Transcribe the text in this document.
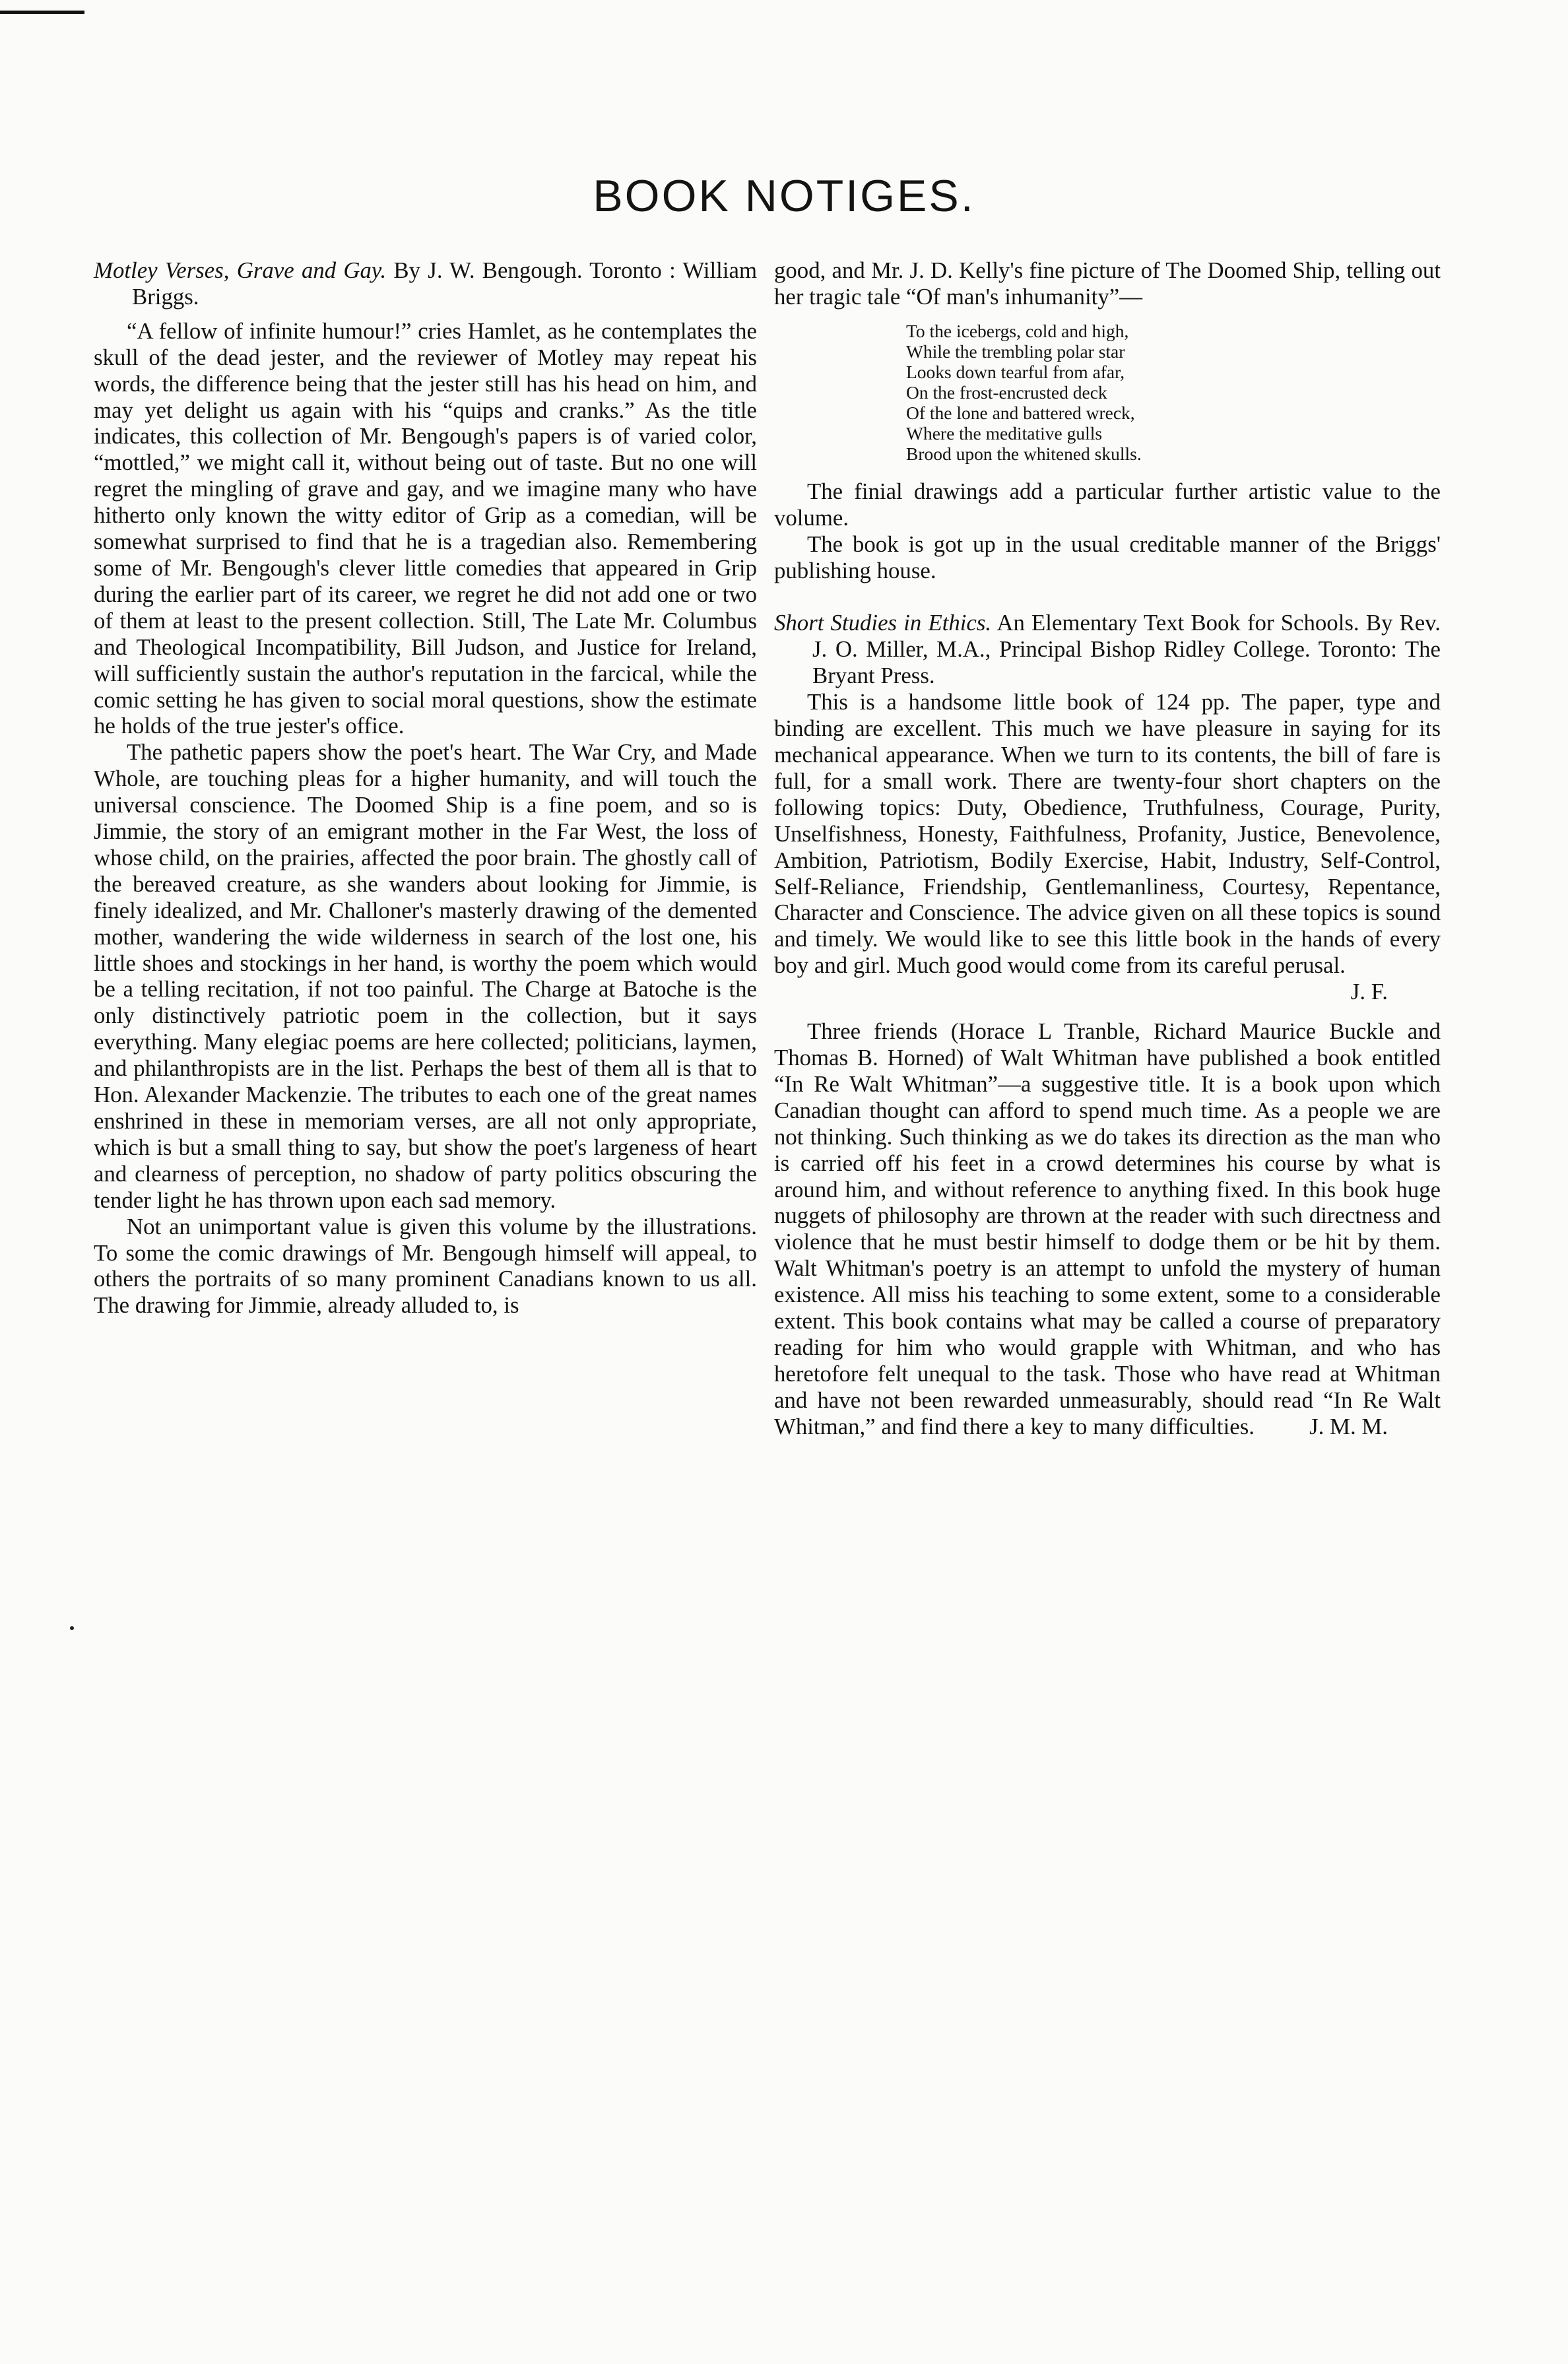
BOOK NOTIGES.

Motley Verses, Grave and Gay. By J. W. Bengough. Toronto : William Briggs.

“A fellow of infinite humour!” cries Hamlet, as he contemplates the skull of the dead jester, and the reviewer of Motley may repeat his words, the difference being that the jester still has his head on him, and may yet delight us again with his “quips and cranks.” As the title indicates, this collection of Mr. Bengough's papers is of varied color, “mottled,” we might call it, without being out of taste. But no one will regret the mingling of grave and gay, and we imagine many who have hitherto only known the witty editor of Grip as a comedian, will be somewhat surprised to find that he is a tragedian also. Remembering some of Mr. Bengough's clever little comedies that appeared in Grip during the earlier part of its career, we regret he did not add one or two of them at least to the present collection. Still, The Late Mr. Columbus and Theological Incompatibility, Bill Judson, and Justice for Ireland, will sufficiently sustain the author's reputation in the farcical, while the comic setting he has given to social moral questions, show the estimate he holds of the true jester's office.

The pathetic papers show the poet's heart. The War Cry, and Made Whole, are touching pleas for a higher humanity, and will touch the universal conscience. The Doomed Ship is a fine poem, and so is Jimmie, the story of an emigrant mother in the Far West, the loss of whose child, on the prairies, affected the poor brain. The ghostly call of the bereaved creature, as she wanders about looking for Jimmie, is finely idealized, and Mr. Challoner's masterly drawing of the demented mother, wandering the wide wilderness in search of the lost one, his little shoes and stockings in her hand, is worthy the poem which would be a telling recitation, if not too painful. The Charge at Batoche is the only distinctively patriotic poem in the collection, but it says everything. Many elegiac poems are here collected; politicians, laymen, and philanthropists are in the list. Perhaps the best of them all is that to Hon. Alexander Mackenzie. The tributes to each one of the great names enshrined in these in memoriam verses, are all not only appropriate, which is but a small thing to say, but show the poet's largeness of heart and clearness of perception, no shadow of party politics obscuring the tender light he has thrown upon each sad memory.

Not an unimportant value is given this volume by the illustrations. To some the comic drawings of Mr. Bengough himself will appeal, to others the portraits of so many prominent Canadians known to us all. The drawing for Jimmie, already alluded to, is

good, and Mr. J. D. Kelly's fine picture of The Doomed Ship, telling out her tragic tale “Of man's inhumanity”—

To the icebergs, cold and high,
While the trembling polar star
Looks down tearful from afar,
On the frost-encrusted deck
Of the lone and battered wreck,
Where the meditative gulls
Brood upon the whitened skulls.

The finial drawings add a particular further artistic value to the volume.

The book is got up in the usual creditable manner of the Briggs' publishing house.

Short Studies in Ethics. An Elementary Text Book for Schools. By Rev. J. O. Miller, M.A., Principal Bishop Ridley College. Toronto: The Bryant Press.

This is a handsome little book of 124 pp. The paper, type and binding are excellent. This much we have pleasure in saying for its mechanical appearance. When we turn to its contents, the bill of fare is full, for a small work. There are twenty-four short chapters on the following topics: Duty, Obedience, Truthfulness, Courage, Purity, Unselfishness, Honesty, Faithfulness, Profanity, Justice, Benevolence, Ambition, Patriotism, Bodily Exercise, Habit, Industry, Self-Control, Self-Reliance, Friendship, Gentlemanliness, Courtesy, Repentance, Character and Conscience. The advice given on all these topics is sound and timely. We would like to see this little book in the hands of every boy and girl. Much good would come from its careful perusal.
J. F.

Three friends (Horace L Tranble, Richard Maurice Buckle and Thomas B. Horned) of Walt Whitman have published a book entitled “In Re Walt Whitman”—a suggestive title. It is a book upon which Canadian thought can afford to spend much time. As a people we are not thinking. Such thinking as we do takes its direction as the man who is carried off his feet in a crowd determines his course by what is around him, and without reference to anything fixed. In this book huge nuggets of philosophy are thrown at the reader with such directness and violence that he must bestir himself to dodge them or be hit by them. Walt Whitman's poetry is an attempt to unfold the mystery of human existence. All miss his teaching to some extent, some to a considerable extent. This book contains what may be called a course of preparatory reading for him who would grapple with Whitman, and who has heretofore felt unequal to the task. Those who have read at Whitman and have not been rewarded unmeasurably, should read “In Re Walt Whitman,” and find there a key to many difficulties.	J. M. M.
